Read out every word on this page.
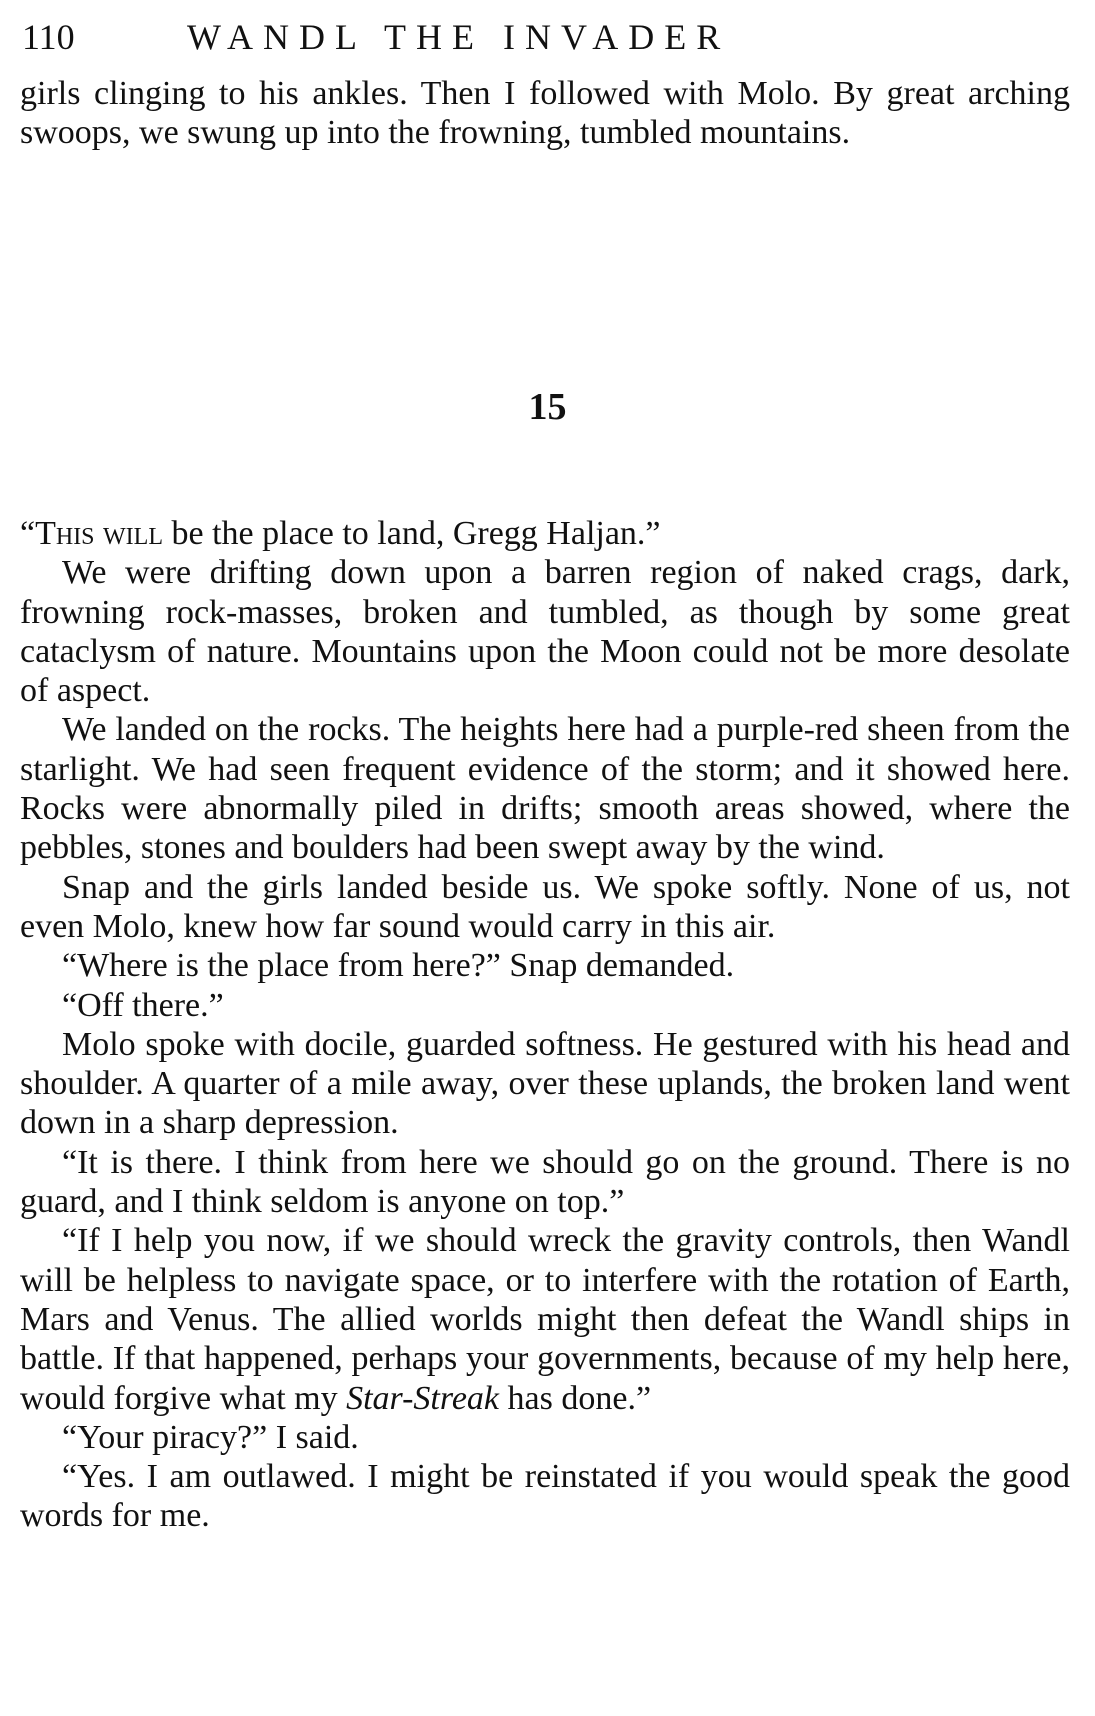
110	WANDL THE INVADER

girls clinging to his ankles. Then I followed with Molo. By great arching swoops, we swung up into the frowning, tumbled mountains.

15

“This will be the place to land, Gregg Haljan.”

We were drifting down upon a barren region of naked crags, dark, frowning rock-masses, broken and tumbled, as though by some great cataclysm of nature. Mountains upon the Moon could not be more desolate of aspect.

We landed on the rocks. The heights here had a purple-red sheen from the starlight. We had seen frequent evidence of the storm; and it showed here. Rocks were abnormally piled in drifts; smooth areas showed, where the pebbles, stones and boulders had been swept away by the wind.

Snap and the girls landed beside us. We spoke softly. None of us, not even Molo, knew how far sound would carry in this air.

“Where is the place from here?” Snap demanded.

“Off there.”

Molo spoke with docile, guarded softness. He gestured with his head and shoulder. A quarter of a mile away, over these uplands, the broken land went down in a sharp depression.

“It is there. I think from here we should go on the ground. There is no guard, and I think seldom is anyone on top.”

“If I help you now, if we should wreck the gravity controls, then Wandl will be helpless to navigate space, or to interfere with the rotation of Earth, Mars and Venus. The allied worlds might then defeat the Wandl ships in battle. If that happened, perhaps your governments, because of my help here, would forgive what my Star-Streak has done.”

“Your piracy?” I said.

“Yes. I am outlawed. I might be reinstated if you would speak the good words for me.
